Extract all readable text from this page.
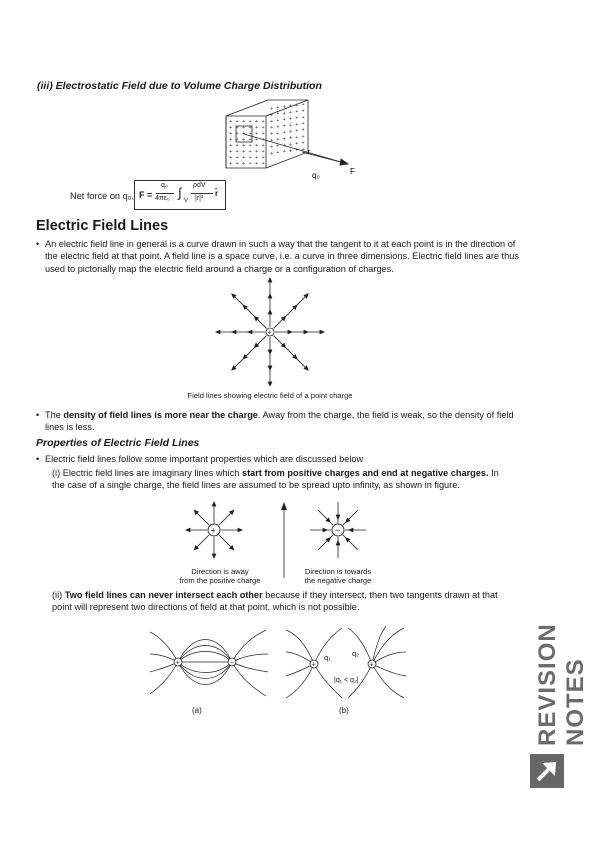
(iii) Electrostatic Field due to Volume Charge Distribution
+ + + + + +
+ + + + + +
+ + + + + +
+ + + + + +
+ + + + + +
+ + + + + +
+ + + + + +
+ + + + + +
+ + + + + +
+ + + + + +
+ + + + + +
+ + + + + +
+ + + + + +
+ + + + + +
+ + + + + +
+ + + + + + r
q₀	F
Net force on q₀, F =
q₀
4πε₀ ∫
V
ρdV
|r|²
r̂
Electric Field Lines
• An electric field line in general is a curve drawn in such a way that the tangent to it at each point is in the direction of the electric field at that point. A field line is a space curve, i.e. a curve in three dimensions. Electric field lines are thus used to pictorially map the electric field around a charge or a configuration of charges.
+
Field lines showing electric field of a point charge
• The density of field lines is more near the charge. Away from the charge, the field is weak, so the density of field lines is less.
Properties of Electric Field Lines
• Electric field lines follow some important properties which are discussed below
(i) Electric field lines are imaginary lines which start from positive charges and end at negative charges. In the case of a single charge, the field lines are assumed to be spread upto infinity, as shown in figure.
+	−
Direction is away
from the positive charge
Direction is towards
the negative charge
(ii) Two field lines can never intersect each other because if they intersect, then two tangents drawn at that point will represent two directions of field at that point, which is not possible.
+	−	+	+
q₁	q₂
|q₁ < q₂|
(a)	(b)	REVISION NOTES
